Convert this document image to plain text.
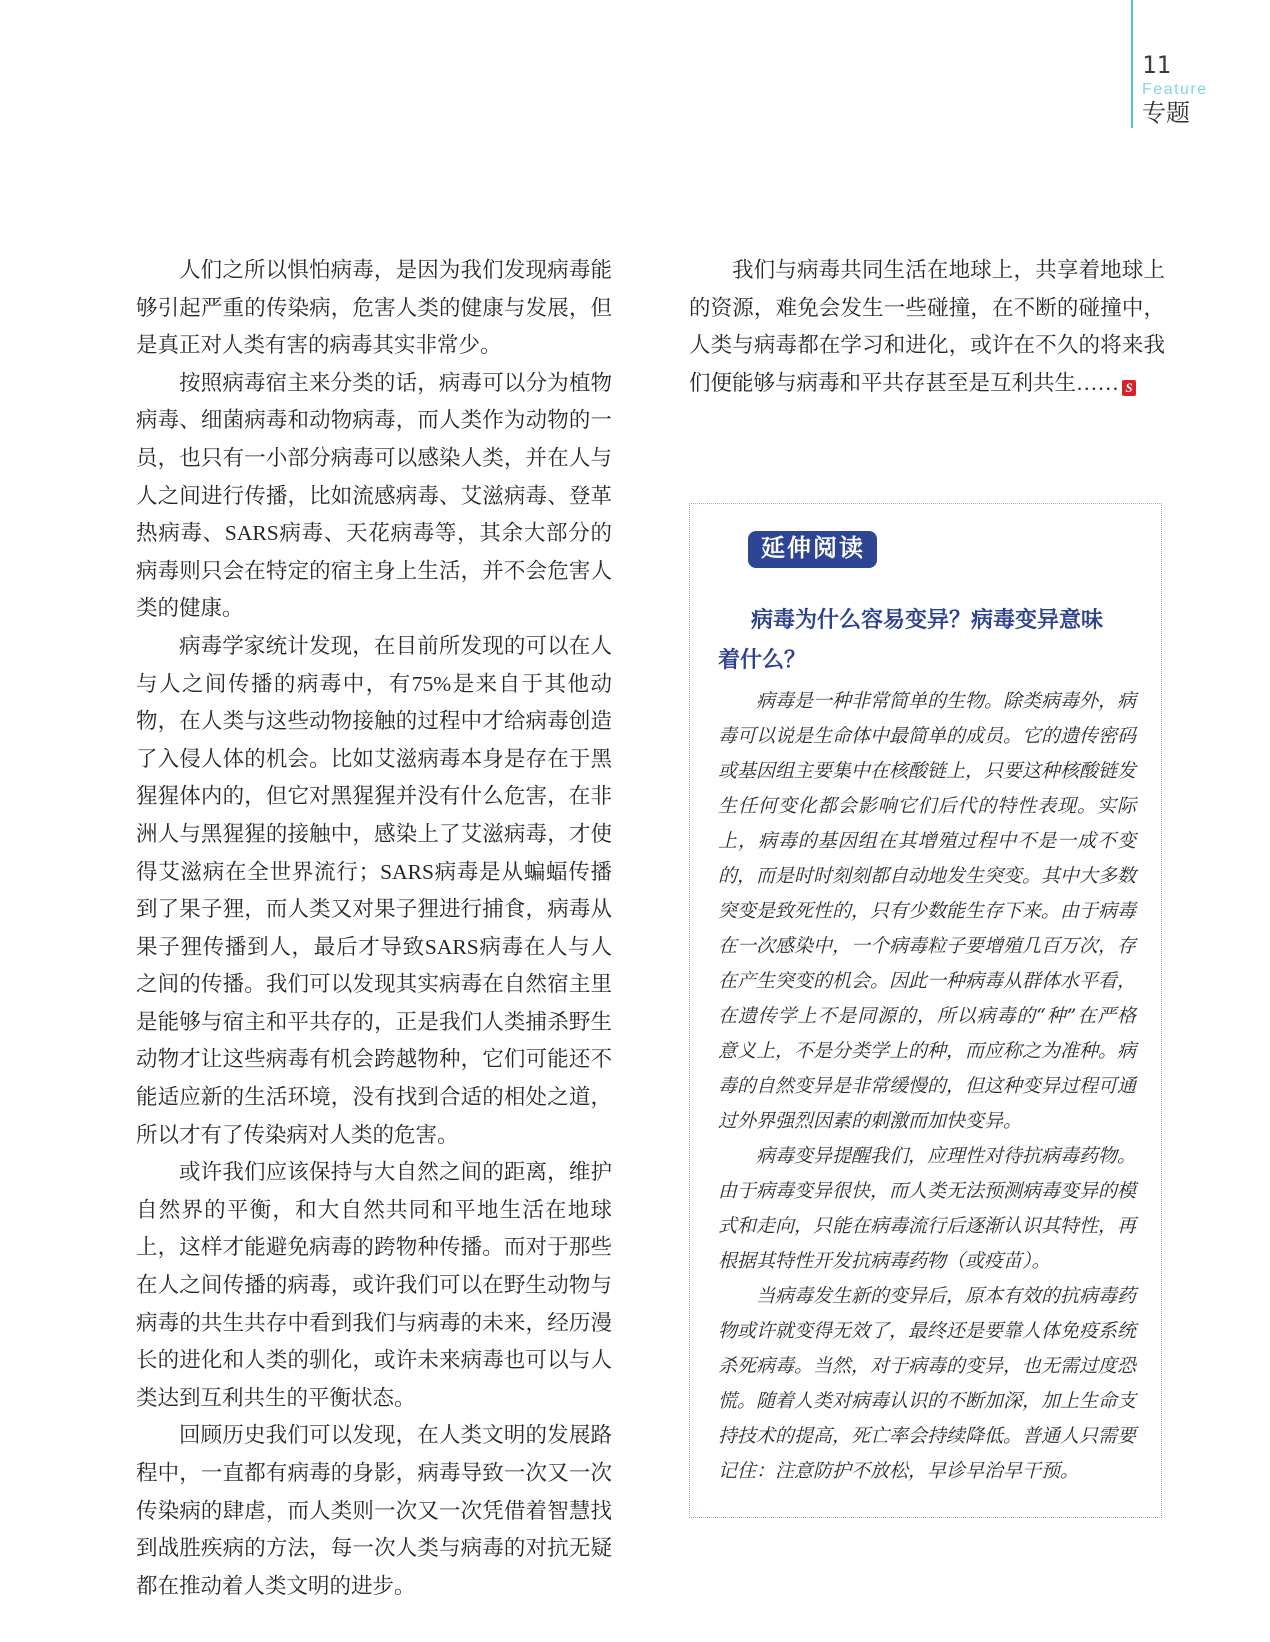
11
Feature
专题

人们之所以惧怕病毒，是因为我们发现病毒能够引起严重的传染病，危害人类的健康与发展，但是真正对人类有害的病毒其实非常少。

按照病毒宿主来分类的话，病毒可以分为植物病毒、细菌病毒和动物病毒，而人类作为动物的一员，也只有一小部分病毒可以感染人类，并在人与人之间进行传播，比如流感病毒、艾滋病毒、登革热病毒、SARS病毒、天花病毒等，其余大部分的病毒则只会在特定的宿主身上生活，并不会危害人类的健康。

病毒学家统计发现，在目前所发现的可以在人与人之间传播的病毒中，有75%是来自于其他动物，在人类与这些动物接触的过程中才给病毒创造了入侵人体的机会。比如艾滋病毒本身是存在于黑猩猩体内的，但它对黑猩猩并没有什么危害，在非洲人与黑猩猩的接触中，感染上了艾滋病毒，才使得艾滋病在全世界流行；SARS病毒是从蝙蝠传播到了果子狸，而人类又对果子狸进行捕食，病毒从果子狸传播到人，最后才导致SARS病毒在人与人之间的传播。我们可以发现其实病毒在自然宿主里是能够与宿主和平共存的，正是我们人类捕杀野生动物才让这些病毒有机会跨越物种，它们可能还不能适应新的生活环境，没有找到合适的相处之道，所以才有了传染病对人类的危害。

或许我们应该保持与大自然之间的距离，维护自然界的平衡，和大自然共同和平地生活在地球上，这样才能避免病毒的跨物种传播。而对于那些在人之间传播的病毒，或许我们可以在野生动物与病毒的共生共存中看到我们与病毒的未来，经历漫长的进化和人类的驯化，或许未来病毒也可以与人类达到互利共生的平衡状态。

回顾历史我们可以发现，在人类文明的发展路程中，一直都有病毒的身影，病毒导致一次又一次传染病的肆虐，而人类则一次又一次凭借着智慧找到战胜疾病的方法，每一次人类与病毒的对抗无疑都在推动着人类文明的进步。

我们与病毒共同生活在地球上，共享着地球上的资源，难免会发生一些碰撞，在不断的碰撞中，人类与病毒都在学习和进化，或许在不久的将来我们便能够与病毒和平共存甚至是互利共生…… S

延伸阅读
病毒为什么容易变异？病毒变异意味着什么？

病毒是一种非常简单的生物。除类病毒外，病毒可以说是生命体中最简单的成员。它的遗传密码或基因组主要集中在核酸链上，只要这种核酸链发生任何变化都会影响它们后代的特性表现。实际上，病毒的基因组在其增殖过程中不是一成不变的，而是时时刻刻都自动地发生突变。其中大多数突变是致死性的，只有少数能生存下来。由于病毒在一次感染中，一个病毒粒子要增殖几百万次，存在产生突变的机会。因此一种病毒从群体水平看，在遗传学上不是同源的，所以病毒的“种”在严格意义上，不是分类学上的种，而应称之为准种。病毒的自然变异是非常缓慢的，但这种变异过程可通过外界强烈因素的刺激而加快变异。

病毒变异提醒我们，应理性对待抗病毒药物。由于病毒变异很快，而人类无法预测病毒变异的模式和走向，只能在病毒流行后逐渐认识其特性，再根据其特性开发抗病毒药物（或疫苗）。

当病毒发生新的变异后，原本有效的抗病毒药物或许就变得无效了，最终还是要靠人体免疫系统杀死病毒。当然，对于病毒的变异，也无需过度恐慌。随着人类对病毒认识的不断加深，加上生命支持技术的提高，死亡率会持续降低。普通人只需要记住：注意防护不放松，早诊早治早干预。
